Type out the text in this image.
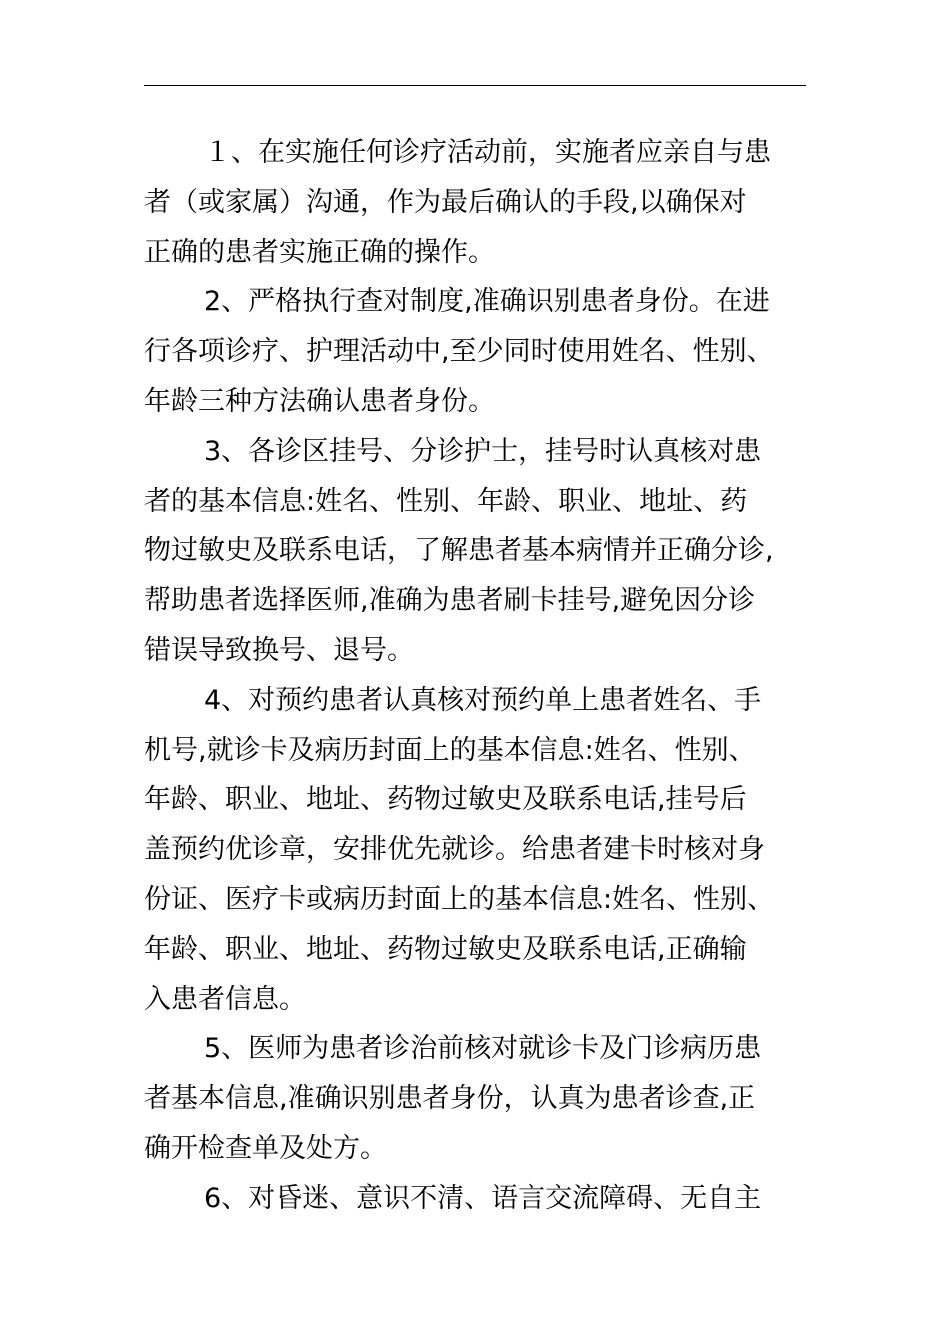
１、在实施任何诊疗活动前，实施者应亲自与患
者（或家属）沟通，作为最后确认的手段,以确保对
正确的患者实施正确的操作。
2、严格执行查对制度,准确识别患者身份。在进
行各项诊疗、护理活动中,至少同时使用姓名、性别、
年龄三种方法确认患者身份。
3、各诊区挂号、分诊护士，挂号时认真核对患
者的基本信息:姓名、性别、年龄、职业、地址、药
物过敏史及联系电话，了解患者基本病情并正确分诊,
帮助患者选择医师,准确为患者刷卡挂号,避免因分诊
错误导致换号、退号。
4、对预约患者认真核对预约单上患者姓名、手
机号,就诊卡及病历封面上的基本信息:姓名、性别、
年龄、职业、地址、药物过敏史及联系电话,挂号后
盖预约优诊章，安排优先就诊。给患者建卡时核对身
份证、医疗卡或病历封面上的基本信息:姓名、性别、
年龄、职业、地址、药物过敏史及联系电话,正确输
入患者信息。
5、医师为患者诊治前核对就诊卡及门诊病历患
者基本信息,准确识别患者身份，认真为患者诊查,正
确开检查单及处方。
6、对昏迷、意识不清、语言交流障碍、无自主
